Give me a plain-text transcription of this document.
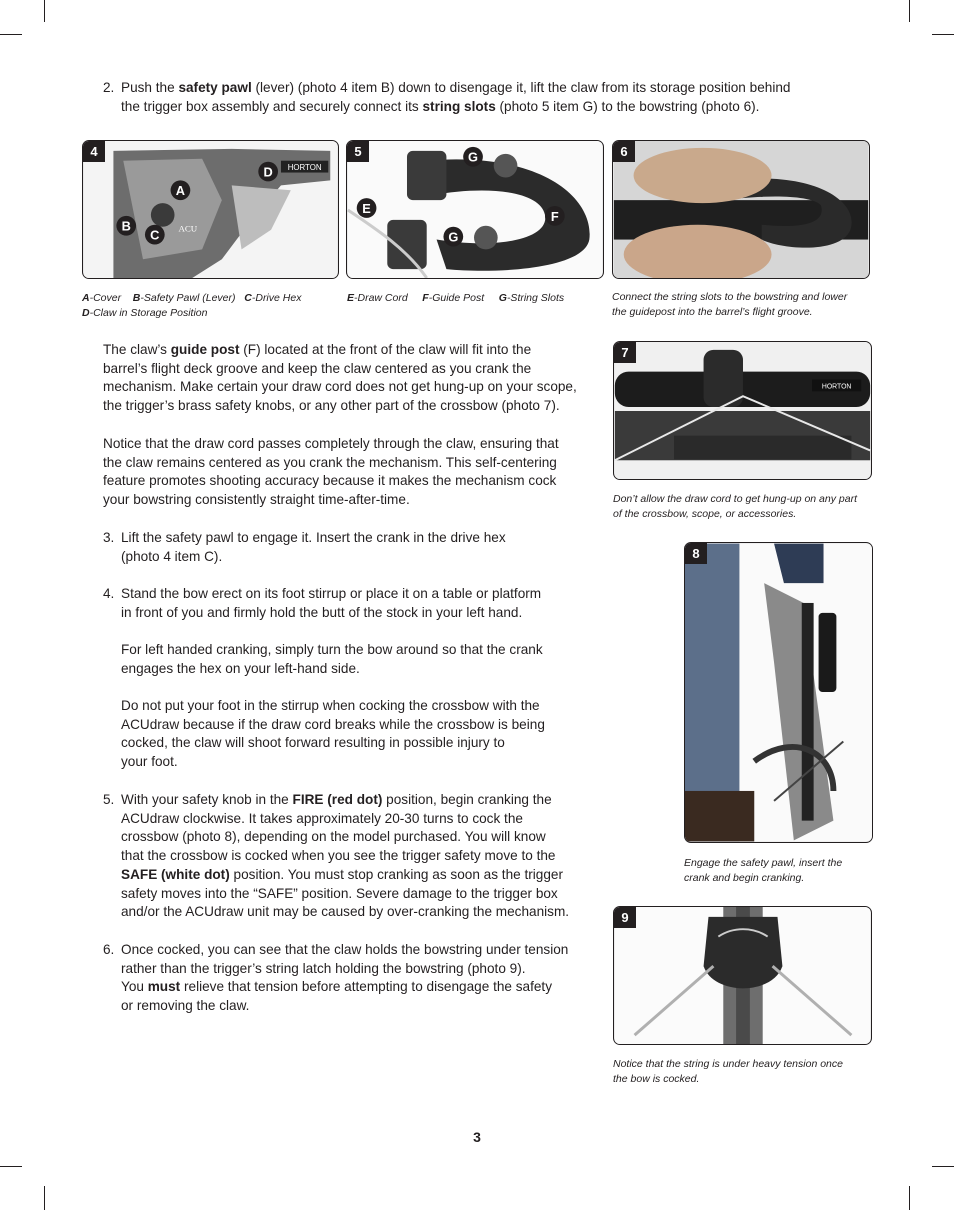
2. Push the safety pawl (lever) (photo 4 item B) down to disengage it, lift the claw from its storage position behind

the trigger box assembly and securely connect its string slots (photo 5 item G) to the bowstring (photo 6).

4
HORTON
ACU
A
B
C
D
5	G
E
F
G
6
A-Cover B-Safety Pawl (Lever) C-Drive Hex
D-Claw in Storage Position
E-Draw Cord F-Guide Post G-String Slots	Connect the string slots to the bowstring and lower
the guidepost into the barrel’s flight groove.

The claw’s guide post (F) located at the front of the claw will fit into the

barrel’s flight deck groove and keep the claw centered as you crank the

mechanism. Make certain your draw cord does not get hung-up on your scope,

the trigger’s brass safety knobs, or any other part of the crossbow (photo 7).

Notice that the draw cord passes completely through the claw, ensuring that

the claw remains centered as you crank the mechanism. This self-centering

feature promotes shooting accuracy because it makes the mechanism cock

your bowstring consistently straight time-after-time.

3. Lift the safety pawl to engage it. Insert the crank in the drive hex

(photo 4 item C).

4. Stand the bow erect on its foot stirrup or place it on a table or platform

in front of you and firmly hold the butt of the stock in your left hand.

For left handed cranking, simply turn the bow around so that the crank

engages the hex on your left-hand side.

Do not put your foot in the stirrup when cocking the crossbow with the

ACUdraw because if the draw cord breaks while the crossbow is being

cocked, the claw will shoot forward resulting in possible injury to

your foot.

5. With your safety knob in the FIRE (red dot) position, begin cranking the

ACUdraw clockwise. It takes approximately 20-30 turns to cock the

crossbow (photo 8), depending on the model purchased. You will know

that the crossbow is cocked when you see the trigger safety move to the

SAFE (white dot) position. You must stop cranking as soon as the trigger

safety moves into the “SAFE” position. Severe damage to the trigger box

and/or the ACUdraw unit may be caused by over-cranking the mechanism.

6. Once cocked, you can see that the claw holds the bowstring under tension

rather than the trigger’s string latch holding the bowstring (photo 9).

You must relieve that tension before attempting to disengage the safety

or removing the claw.

7
HORTON
Don’t allow the draw cord to get hung-up on any part
of the crossbow, scope, or accessories.
8
Engage the safety pawl, insert the
crank and begin cranking.
9
Notice that the string is under heavy tension once
the bow is cocked.
3
